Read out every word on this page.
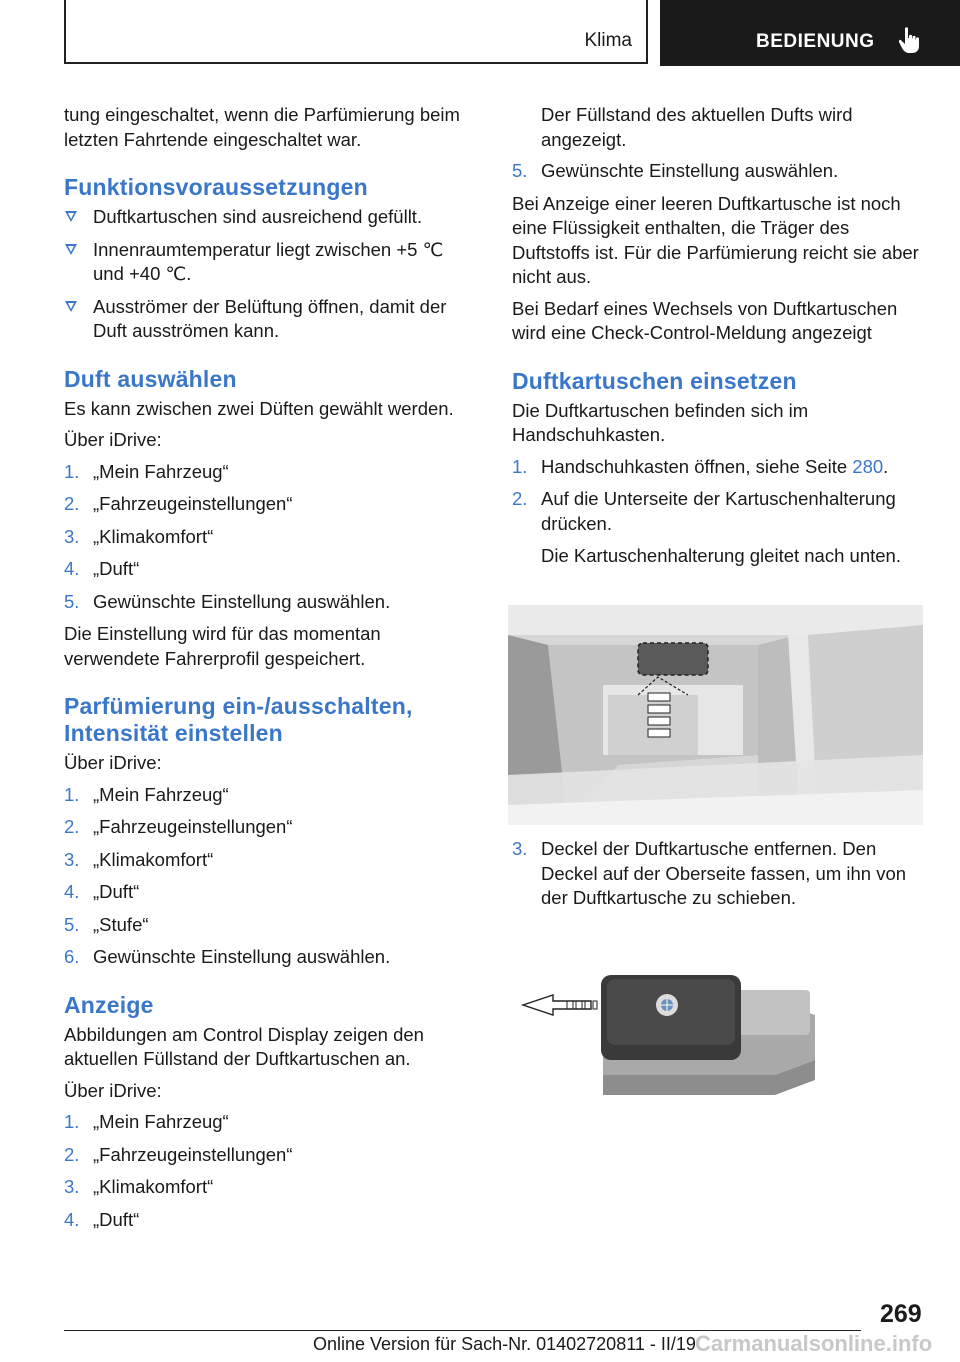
Klima	BEDIENUNG

tung eingeschaltet, wenn die Parfümierung beim letzten Fahrtende eingeschaltet war.

Funktionsvoraussetzungen
Duftkartuschen sind ausreichend gefüllt.
Innenraumtemperatur liegt zwischen +5 ℃ und +40 ℃.
Ausströmer der Belüftung öffnen, damit der Duft ausströmen kann.
Duft auswählen

Es kann zwischen zwei Düften gewählt werden.

Über iDrive:

1. „Mein Fahrzeug“
2. „Fahrzeugeinstellungen“
3. „Klimakomfort“
4. „Duft“
5. Gewünschte Einstellung auswählen.

Die Einstellung wird für das momentan verwendete Fahrerprofil gespeichert.

Parfümierung ein-/ausschalten, Intensität einstellen

Über iDrive:

1. „Mein Fahrzeug“
2. „Fahrzeugeinstellungen“
3. „Klimakomfort“
4. „Duft“
5. „Stufe“
6. Gewünschte Einstellung auswählen.
Anzeige

Abbildungen am Control Display zeigen den aktuellen Füllstand der Duftkartuschen an.

Über iDrive:

1. „Mein Fahrzeug“
2. „Fahrzeugeinstellungen“
3. „Klimakomfort“
4. „Duft“

Der Füllstand des aktuellen Dufts wird angezeigt.

5. Gewünschte Einstellung auswählen.

Bei Anzeige einer leeren Duftkartusche ist noch eine Flüssigkeit enthalten, die Träger des Duftstoffs ist. Für die Parfümierung reicht sie aber nicht aus.

Bei Bedarf eines Wechsels von Duftkartuschen wird eine Check-Control-Meldung angezeigt

Duftkartuschen einsetzen

Die Duftkartuschen befinden sich im Handschuhkasten.

1. Handschuhkasten öffnen, siehe Seite 280.
2. Auf die Unterseite der Kartuschenhalterung drücken.
Die Kartuschenhalterung gleitet nach unten.
3. Deckel der Duftkartusche entfernen. Den Deckel auf der Oberseite fassen, um ihn von der Duftkartusche zu schieben.
269
Online Version für Sach-Nr. 01402720811 - II/19 Carmanualsonline.info
